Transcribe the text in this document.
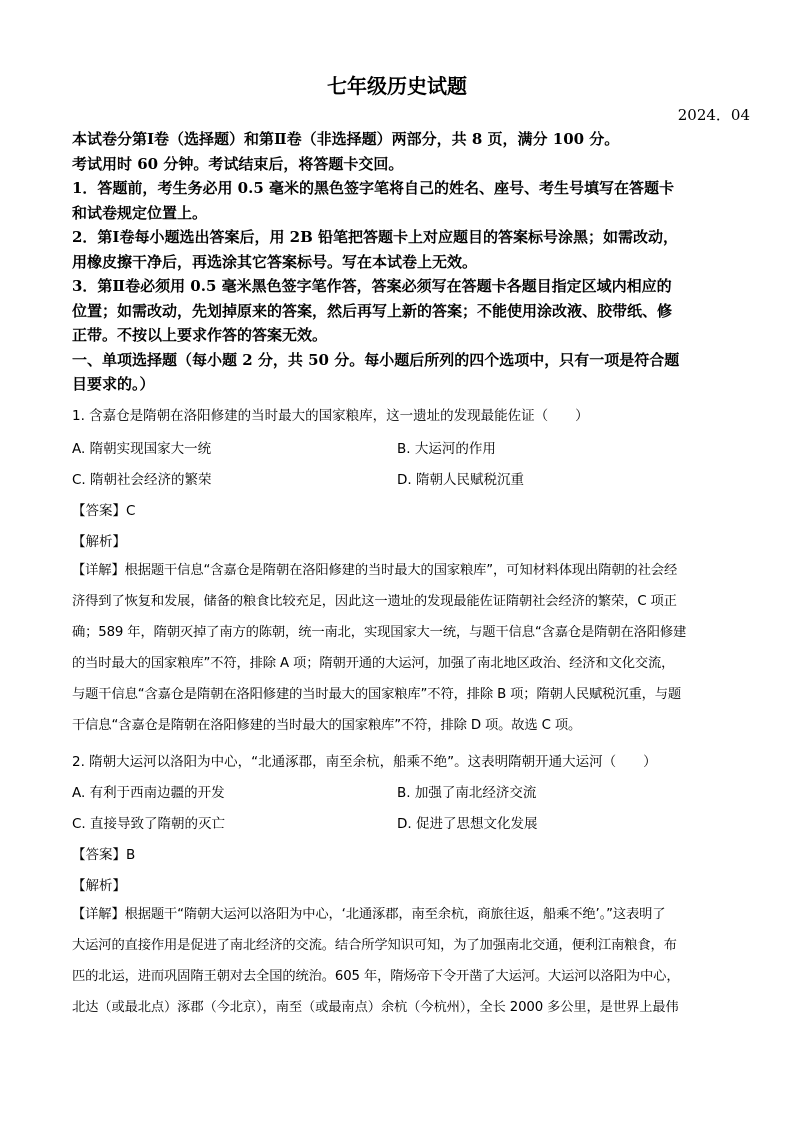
七年级历史试题
2024．04
本试卷分第Ⅰ卷（选择题）和第Ⅱ卷（非选择题）两部分，共 8 页，满分 100 分。
考试用时 60 分钟。考试结束后，将答题卡交回。
1．答题前，考生务必用 0.5 毫米的黑色签字笔将自己的姓名、座号、考生号填写在答题卡
和试卷规定位置上。
2．第Ⅰ卷每小题选出答案后，用 2B 铅笔把答题卡上对应题目的答案标号涂黑；如需改动，
用橡皮擦干净后，再选涂其它答案标号。写在本试卷上无效。
3．第Ⅱ卷必须用 0.5 毫米黑色签字笔作答，答案必须写在答题卡各题目指定区域内相应的
位置；如需改动，先划掉原来的答案，然后再写上新的答案；不能使用涂改液、胶带纸、修
正带。不按以上要求作答的答案无效。
一、单项选择题（每小题 2 分，共 50 分。每小题后所列的四个选项中，只有一项是符合题
目要求的。）
1. 含嘉仓是隋朝在洛阳修建的当时最大的国家粮库，这一遗址的发现最能佐证（　　）
A. 隋朝实现国家大一统	B. 大运河的作用
C. 隋朝社会经济的繁荣	D. 隋朝人民赋税沉重
【答案】C
【解析】
【详解】根据题干信息“含嘉仓是隋朝在洛阳修建的当时最大的国家粮库”，可知材料体现出隋朝的社会经
济得到了恢复和发展，储备的粮食比较充足，因此这一遗址的发现最能佐证隋朝社会经济的繁荣，C 项正
确；589 年，隋朝灭掉了南方的陈朝，统一南北，实现国家大一统，与题干信息“含嘉仓是隋朝在洛阳修建
的当时最大的国家粮库”不符，排除 A 项；隋朝开通的大运河，加强了南北地区政治、经济和文化交流，
与题干信息“含嘉仓是隋朝在洛阳修建的当时最大的国家粮库”不符，排除 B 项；隋朝人民赋税沉重，与题
干信息“含嘉仓是隋朝在洛阳修建的当时最大的国家粮库”不符，排除 D 项。故选 C 项。
2. 隋朝大运河以洛阳为中心，“北通涿郡，南至余杭，船乘不绝”。这表明隋朝开通大运河（　　）
A. 有利于西南边疆的开发	B. 加强了南北经济交流
C. 直接导致了隋朝的灭亡	D. 促进了思想文化发展
【答案】B
【解析】
【详解】根据题干“隋朝大运河以洛阳为中心，‘北通涿郡，南至余杭，商旅往返，船乘不绝’。”这表明了
大运河的直接作用是促进了南北经济的交流。结合所学知识可知，为了加强南北交通，便利江南粮食，布
匹的北运，进而巩固隋王朝对去全国的统治。605 年，隋炀帝下令开凿了大运河。大运河以洛阳为中心，
北达（或最北点）涿郡（今北京），南至（或最南点）余杭（今杭州），全长 2000 多公里，是世界上最伟
